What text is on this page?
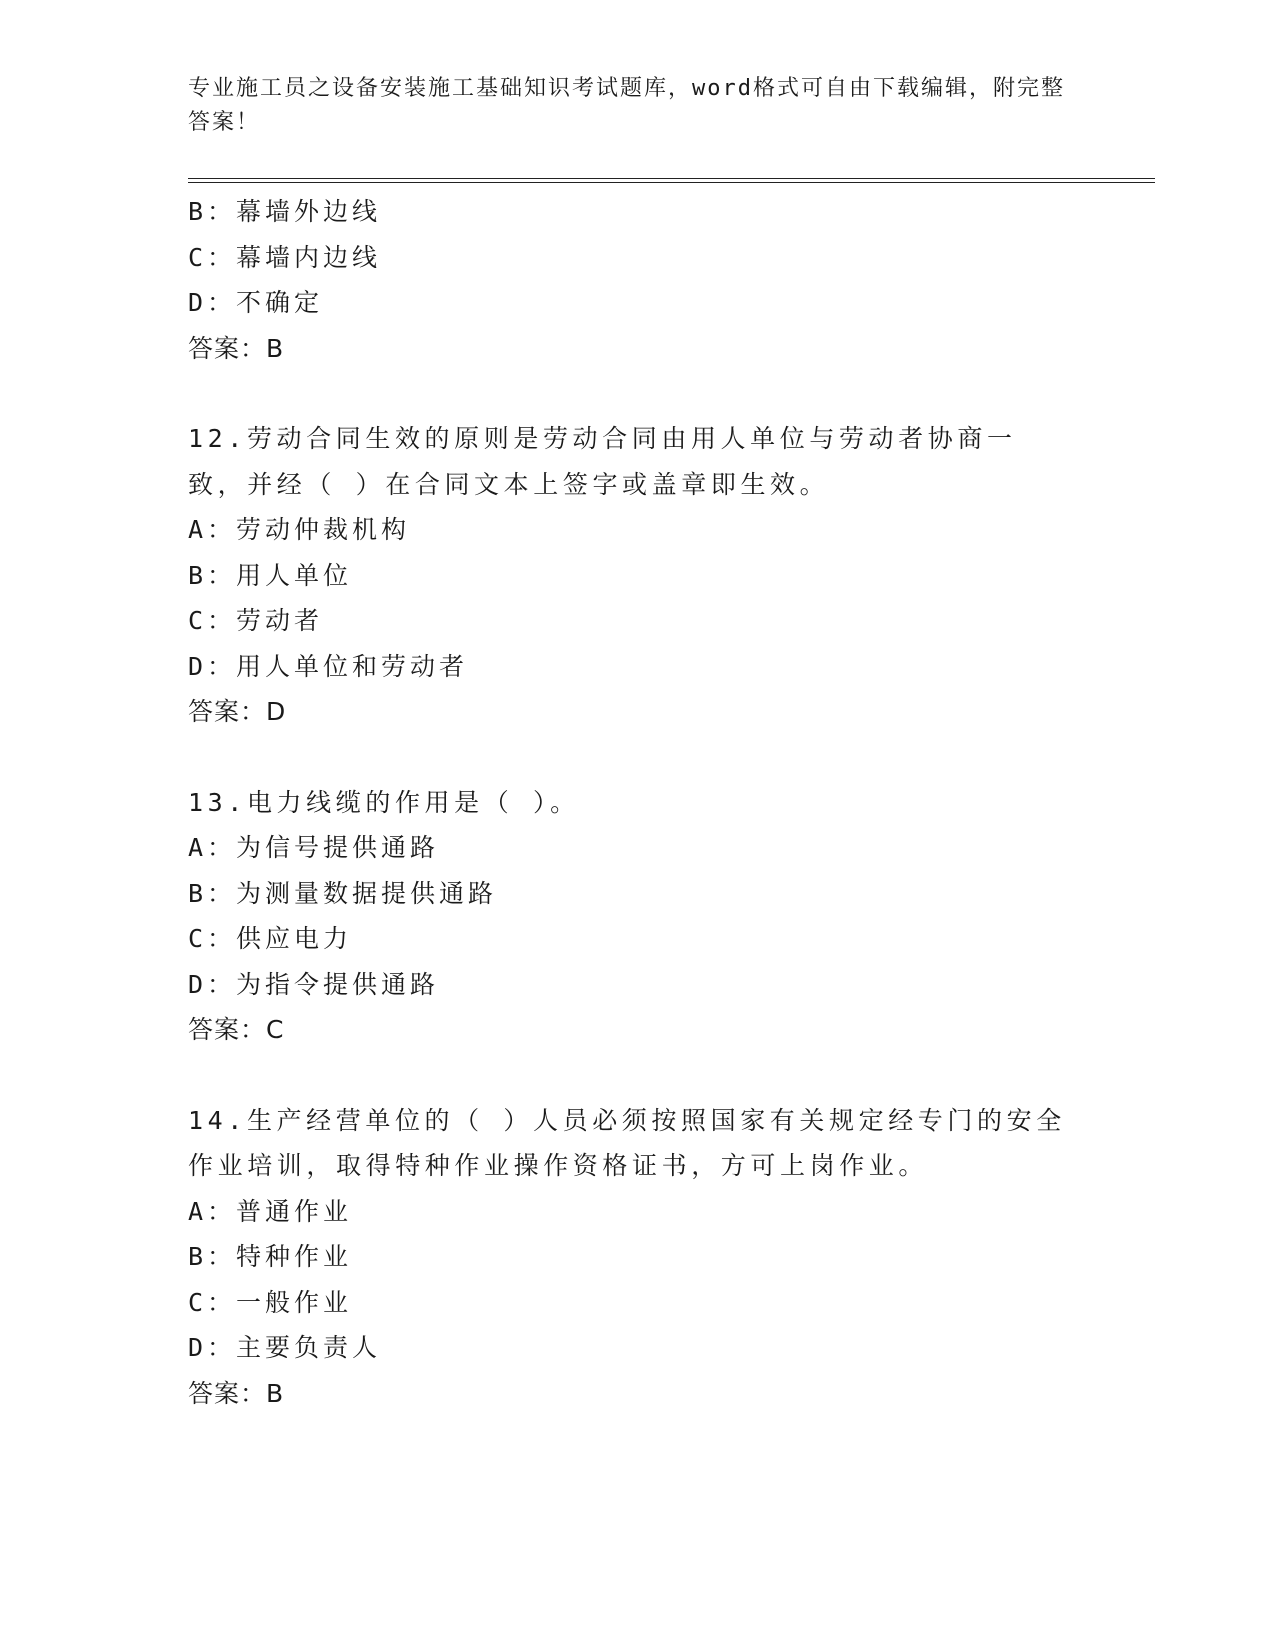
专业施工员之设备安装施工基础知识考试题库，word格式可自由下载编辑，附完整答案！
B：幕墙外边线
C：幕墙内边线
D：不确定
答案：B
12.劳动合同生效的原则是劳动合同由用人单位与劳动者协商一致，并经（ ）在合同文本上签字或盖章即生效。
A：劳动仲裁机构
B：用人单位
C：劳动者
D：用人单位和劳动者
答案：D
13.电力线缆的作用是（ ）。
A：为信号提供通路
B：为测量数据提供通路
C：供应电力
D：为指令提供通路
答案：C
14.生产经营单位的（ ）人员必须按照国家有关规定经专门的安全作业培训，取得特种作业操作资格证书，方可上岗作业。
A：普通作业
B：特种作业
C：一般作业
D：主要负责人
答案：B
